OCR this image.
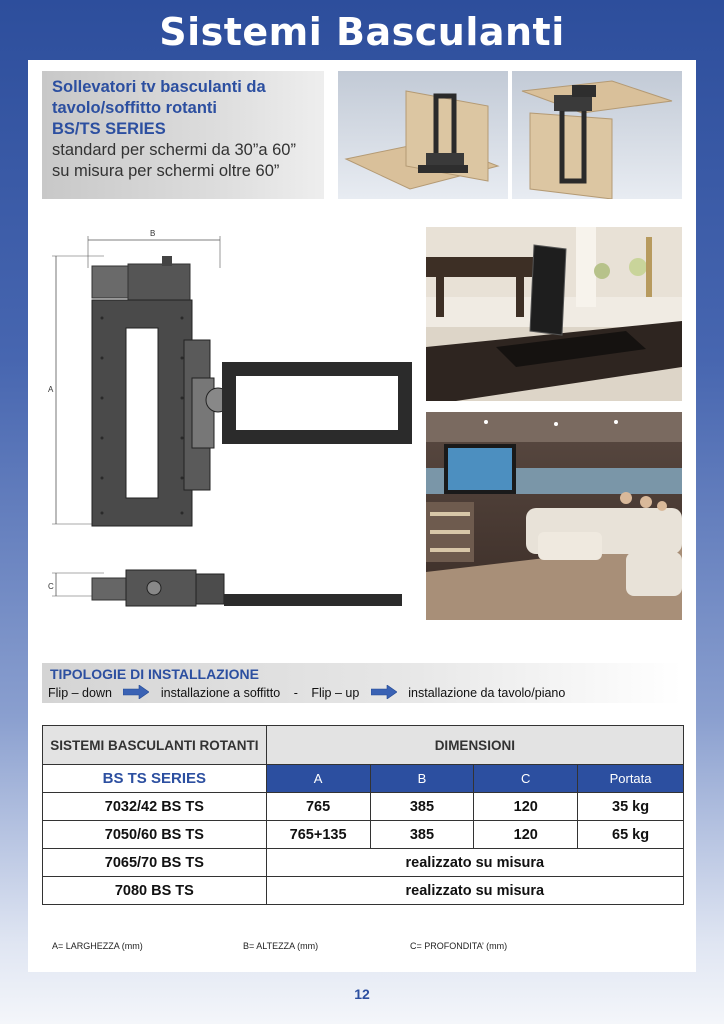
Sistemi Basculanti
Sollevatori tv basculanti da
tavolo/soffitto rotanti
BS/TS SERIES
standard per schermi da 30”a 60”
su misura per schermi oltre 60”
B
A
C
TIPOLOGIE DI INSTALLAZIONE
Flip – down	installazione a soffitto - Flip – up	installazione da tavolo/piano
SISTEMI BASCULANTI ROTANTI	DIMENSIONI			
BS TS SERIES	A	B	C	Portata
7032/42 BS TS	765	385	120	35 kg
7050/60 BS TS	765+135	385	120	65 kg
7065/70 BS TS	realizzato su misura			
7080 BS TS	realizzato su misura			
A= LARGHEZZA (mm)	B= ALTEZZA (mm)	C= PROFONDITA’ (mm)
12
